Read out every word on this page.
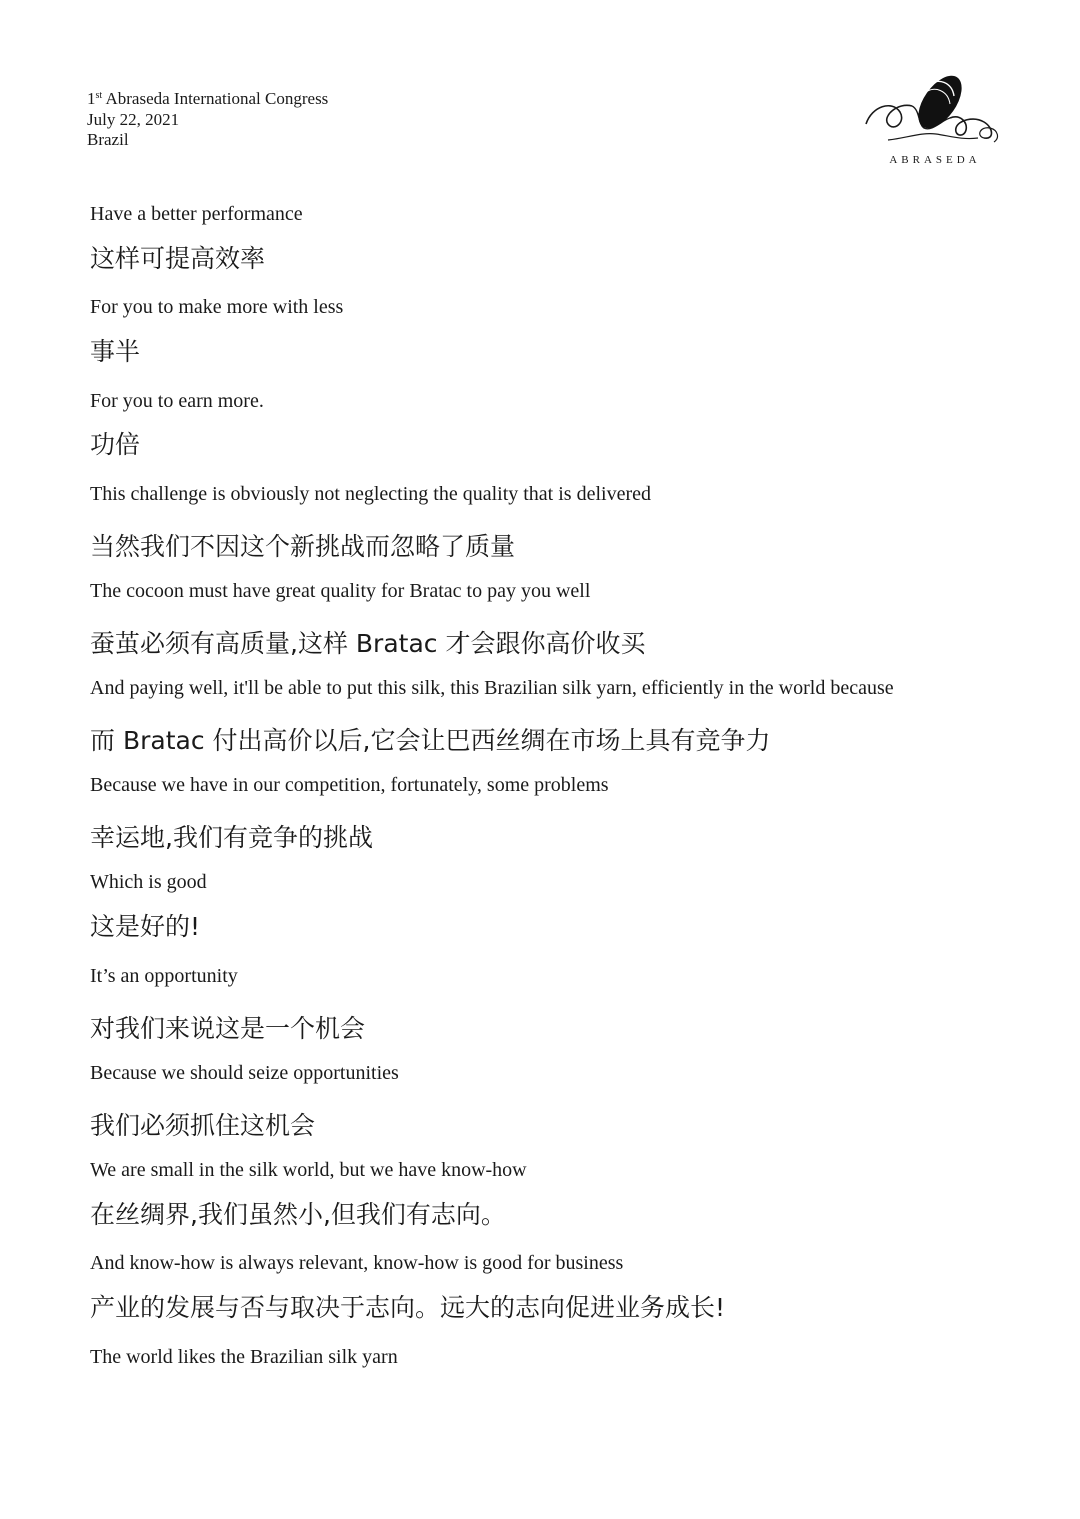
1st Abraseda International Congress
July 22, 2021
Brazil
ABRASEDA
Have a better performance
这样可提高效率
For you to make more with less
事半
For you to earn more.
功倍
This challenge is obviously not neglecting the quality that is delivered
当然我们不因这个新挑战而忽略了质量
The cocoon must have great quality for Bratac to pay you well
蚕茧必须有高质量,这样 Bratac 才会跟你高价收买
And paying well, it'll be able to put this silk, this Brazilian silk yarn, efficiently in the world because
而 Bratac 付出高价以后,它会让巴西丝绸在市场上具有竞争力
Because we have in our competition, fortunately, some problems
幸运地,我们有竞争的挑战
Which is good
这是好的!
It’s an opportunity
对我们来说这是一个机会
Because we should seize opportunities
我们必须抓住这机会
We are small in the silk world, but we have know-how
在丝绸界,我们虽然小,但我们有志向。
And know-how is always relevant, know-how is good for business
产业的发展与否与取决于志向。远大的志向促进业务成长!
The world likes the Brazilian silk yarn
